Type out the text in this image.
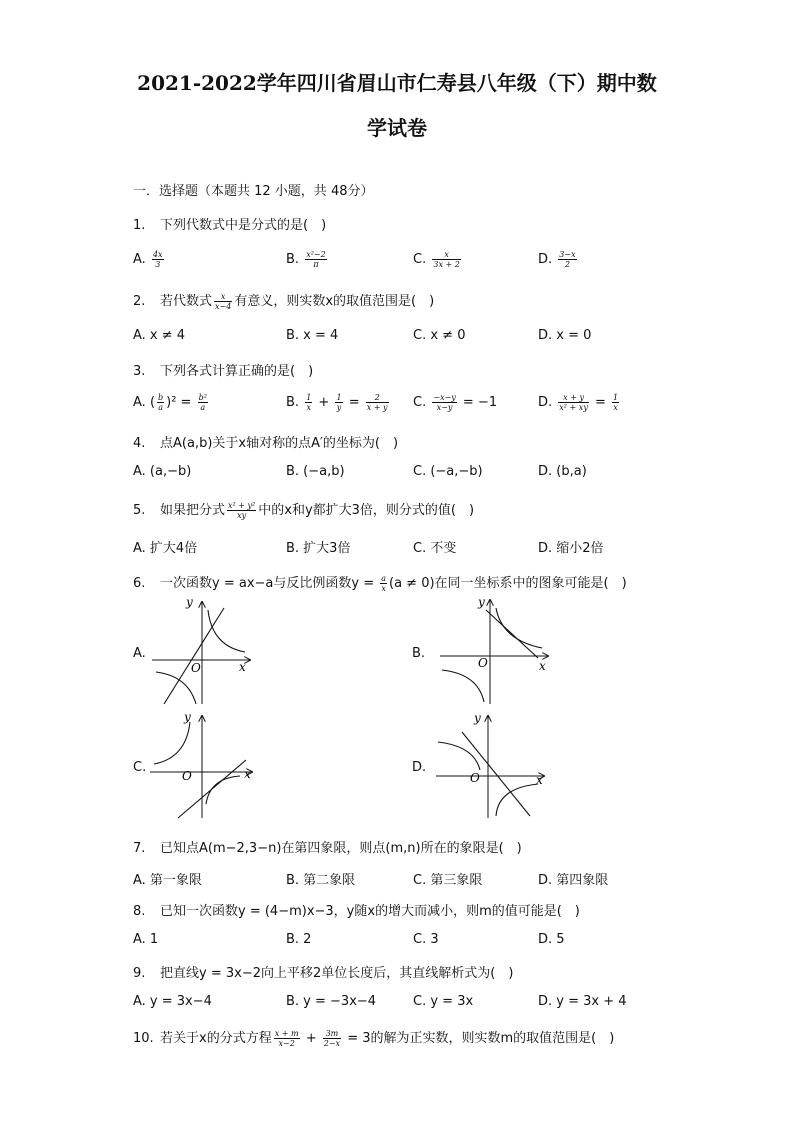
2021-2022学年四川省眉山市仁寿县八年级（下）期中数
学试卷
一．选择题（本题共 12 小题，共 48分）
1. 下列代数式中是分式的是(　)
A. $\frac{4x}{3}$	B. $\frac{\text{x²−2}}{\pi}$	C. $\frac{x}{3x + 2}$	D. $\frac{3-x}{2}$
2. 若代数式 $\frac{x}{x-4}$ 有意义，则实数x的取值范围是(　)
A. x ≠ 4	B. x = 4	C. x ≠ 0	D. x = 0
3. 下列各式计算正确的是(　)
A. ( $\frac{b}{a} )^2 = \frac{\text{b²}}{a}$	B. $\frac{1}{x} + \frac{1}{y} = \frac{2}{x + y} C$. $\frac{-x-y}{x-y} = -1$	D. $\frac{x + y}{\text{x² + xy}} = \frac{1}{x}$
4. 点A(a,b)关于x轴对称的点A′的坐标为(　)
A. (a,−b)	B. (−a,b)	C. (−a,−b)	D. (b,a)
5. 如果把分式 $\frac{\text{x² + y²}}{xy}$ 中的x和y都扩大3倍，则分式的值(　)
A. 扩大4倍	B. 扩大3倍	C. 不变	D. 缩小2倍
6. 一次函数y = ax−a与反比例函数$y = \frac{a}{x} (a \ne 0)$在同一坐标系中的图象可能是(　)
A.
y
x
O
B.
y
x
O
C.
y
x
O
D.
y
x
O
7. 已知点A(m−2,3−n)在第四象限，则点(m,n)所在的象限是(　)
A. 第一象限	B. 第二象限	C. 第三象限	D. 第四象限
8. 已知一次函数y = (4−m)x−3，y随x的增大而减小，则m的值可能是(　)
A. 1	B. 2	C. 3	D. 5
9. 把直线y = 3x−2向上平移2单位长度后，其直线解析式为(　)
A. y = 3x−4	B. y = −3x−4	C. y = 3x	D. y = 3x + 4
10. 若关于x的分式方程 $\frac{x + m}{x-2} + \frac{3m}{2-x} = 3$的解为正实数，则实数m的取值范围是(　)
